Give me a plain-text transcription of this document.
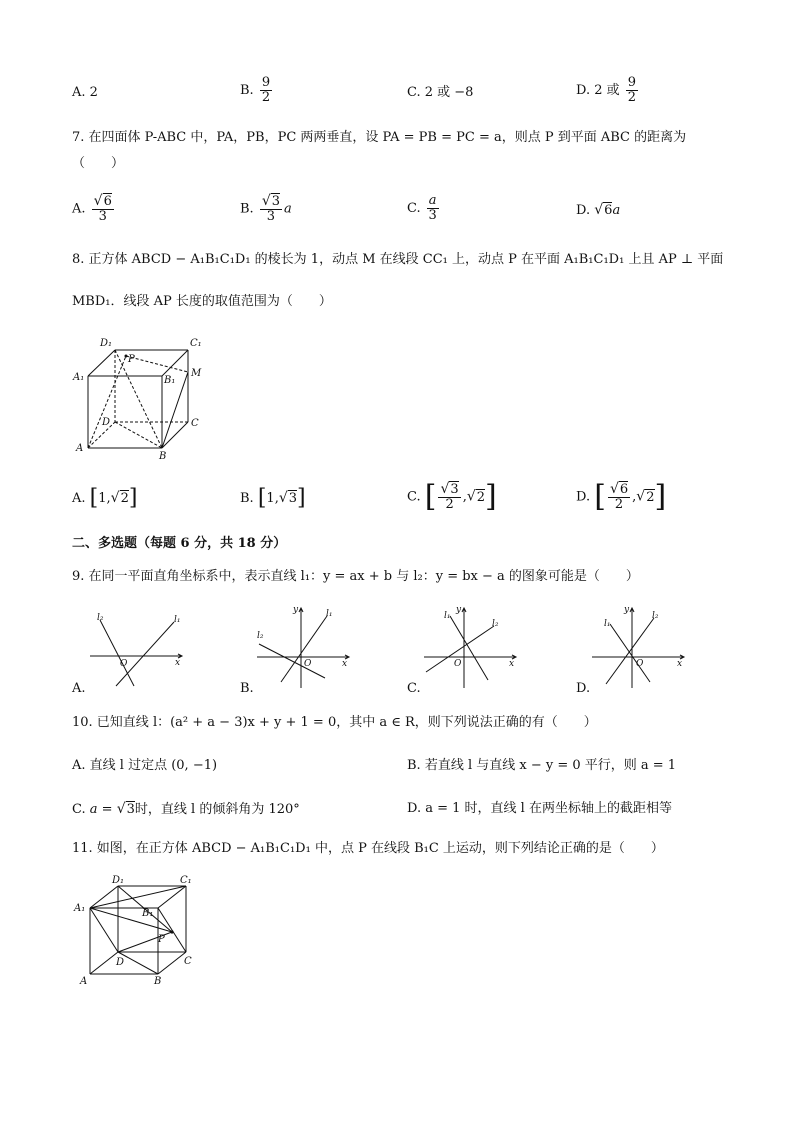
A. 2	B. $\frac{9}{2}$	C. 2 或 −8	D. 2 或 $\frac{9}{2}$
7. 在四面体 P-ABC 中，PA，PB，PC 两两垂直，设 PA = PB = PC = a，则点 P 到平面 ABC 的距离为
（　　）
A. $\frac{√6}{3}$	B. $\frac{√3}{3}$ a	C. $\frac{a}{3}$	D. √6a
8. 正方体 ABCD − A₁B₁C₁D₁ 的棱长为 1，动点 M 在线段 CC₁ 上，动点 P 在平面 A₁B₁C₁D₁ 上且 AP ⊥ 平面
MBD₁．线段 AP 长度的取值范围为（　　）
D₁	C₁
A₁	B₁
P
M
D	C
A
B
A. [1,√2]	B. [1,√3]	C. [ $\frac{√3}{2} ,√2$]	D. [ $\frac{√6}{2} ,√2$]
二、多选题（每题 6 分，共 18 分）
9. 在同一平面直角坐标系中，表示直线 l₁：y = ax + b 与 l₂：y = bx − a 的图象可能是（　　）
l₂	l₁
O	x
A.
y
l₂
l₁
O	x
B.
y
l₁
l₂
O	x
C.
y
l₁
l₂
O	x
D.
10. 已知直线 l：(a² + a − 3)x + y + 1 = 0，其中 a ∈ R，则下列说法正确的有（　　）
A. 直线 l 过定点 (0, −1)	B. 若直线 l 与直线 x − y = 0 平行，则 a = 1
C. a = √3时，直线 l 的倾斜角为 120°	D. a = 1 时，直线 l 在两坐标轴上的截距相等
11. 如图，在正方体 ABCD − A₁B₁C₁D₁ 中，点 P 在线段 B₁C 上运动，则下列结论正确的是（　　）
D₁	C₁
A₁	B₁
P
D	C
A	B
